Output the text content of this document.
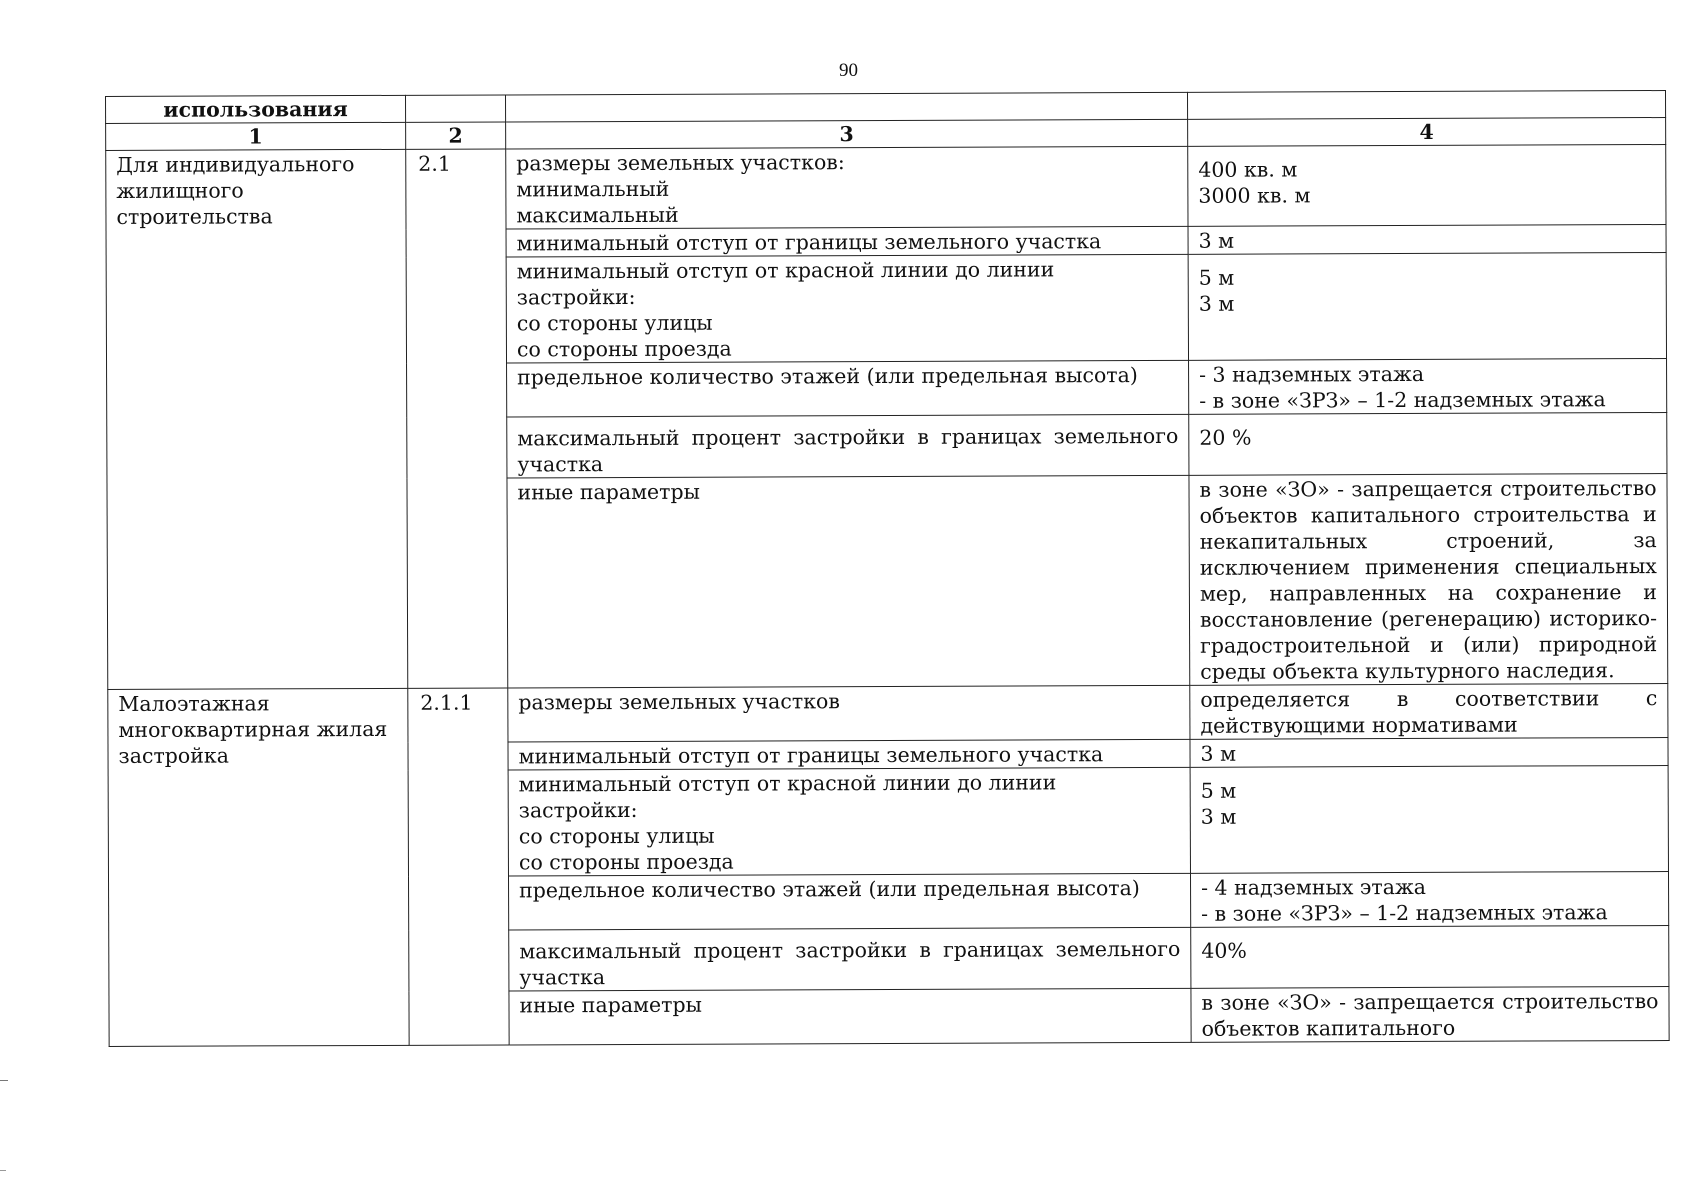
90
использования			
1	2	3	4
Для индивидуального жилищного строительства	2.1	размеры земельных участков:
минимальный
максимальный	400 кв. м
3000 кв. м

		минимальный отступ от границы земельного участка	3 м

		минимальный отступ от красной линии до линии застройки:
со стороны улицы
со стороны проезда	5 м
3 м

		предельное количество этажей (или предельная высота)	- 3 надземных этажа
- в зоне «ЗРЗ» – 1-2 надземных этажа

		максимальный процент застройки в границах земельного участка	20 %

		иные параметры	в зоне «ЗО» - запрещается строительство объектов капитального строительства и некапитальных строений, за исключением применения специальных мер, направленных на сохранение и восстановление (регенерацию) историко-градостроительной и (или) природной среды объекта культурного наследия.
Малоэтажная многоквартирная жилая застройка	2.1.1	размеры земельных участков	определяется в соответствии с действующими нормативами

		минимальный отступ от границы земельного участка	3 м

		минимальный отступ от красной линии до линии застройки:
со стороны улицы
со стороны проезда	5 м
3 м

		предельное количество этажей (или предельная высота)	- 4 надземных этажа
- в зоне «ЗРЗ» – 1-2 надземных этажа

		максимальный процент застройки в границах земельного участка	40%

		иные параметры	в зоне «ЗО» - запрещается строительство объектов капитального
